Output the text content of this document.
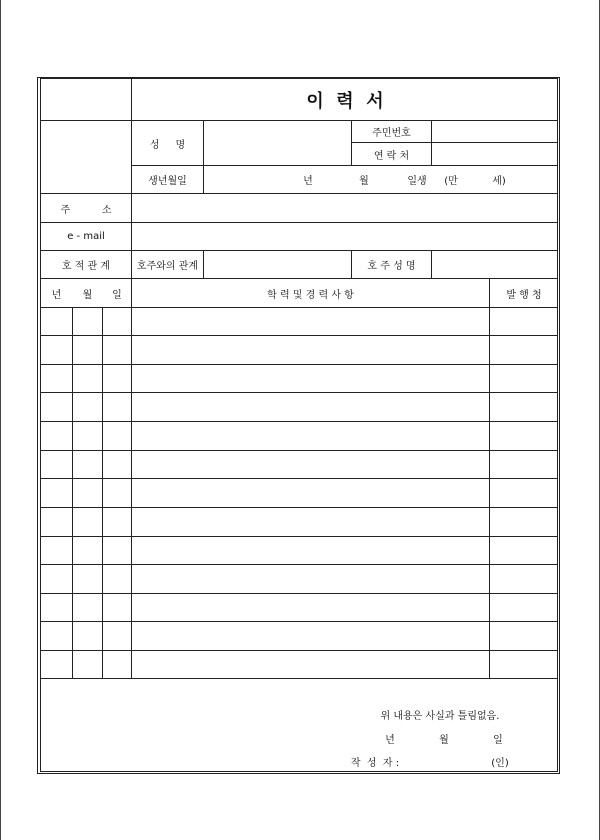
이  력  서
성     명
주민번호
연 락 처
생년월일	년	월	일생	(만	세)
주          소
e - mail
호 적 관 계	호주와의 관계	호 주 성 명
년	월	일	학 력 및 경 력 사 항	발 행 청
위 내용은 사실과 틀림없음.
년	월	일
작  성  자 :	(인)
